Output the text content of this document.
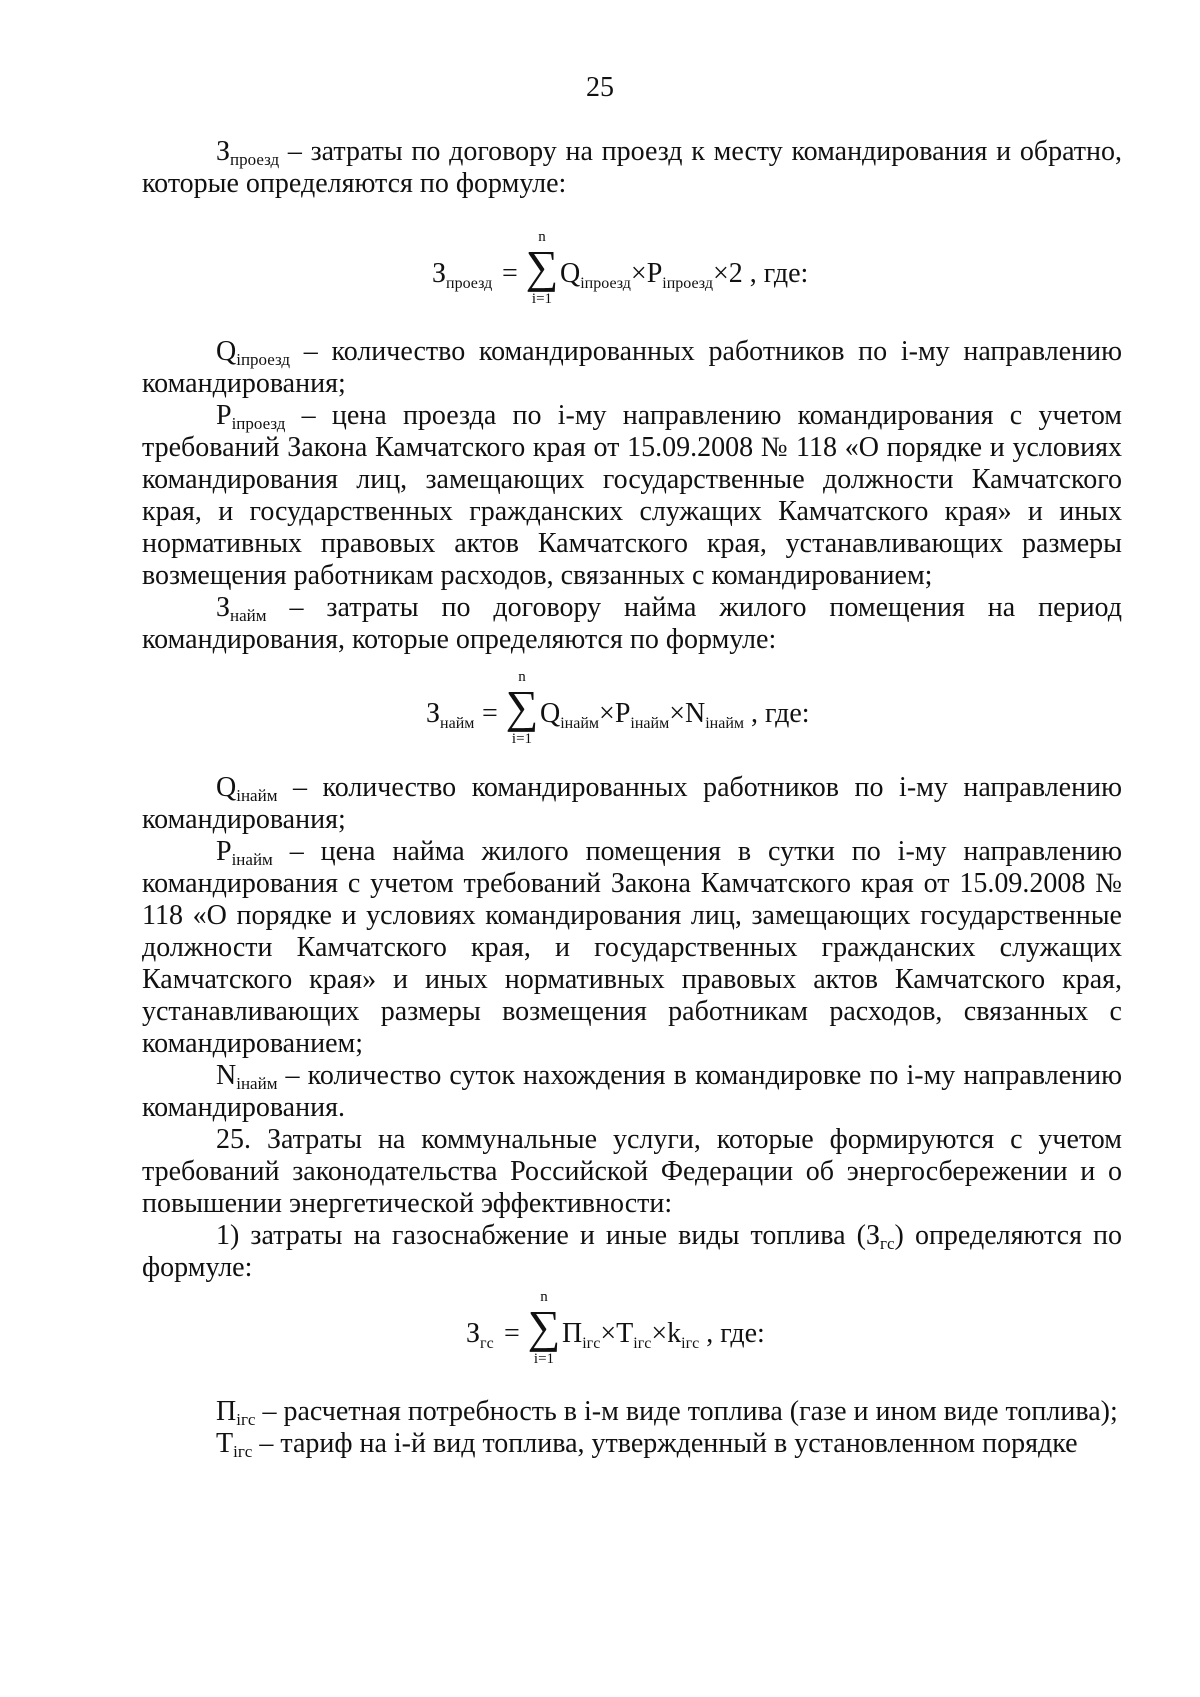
25

$З_{проезд}$ – затраты по договору на проезд к месту командирования и обратно, которые определяются по формуле:

$З_{проезд}$ =
n
∑
i=1
$Q_{iпроезд}\times P_{iпроезд}\times 2$ , где:

$Q_{iпроезд}$ – количество командированных работников по i-му направлению командирования;

$P_{iпроезд}$ – цена проезда по i-му направлению командирования с учетом требований Закона Камчатского края от 15.09.2008 № 118 «О порядке и условиях командирования лиц, замещающих государственные должности Камчатского края, и государственных гражданских служащих Камчатского края» и иных нормативных правовых актов Камчатского края, устанавливающих размеры возмещения работникам расходов, связанных с командированием;

$З_{найм}$ – затраты по договору найма жилого помещения на период командирования, которые определяются по формуле:

$З_{найм}$ =
n
∑
i=1
$Q_{iнайм}\times P_{iнайм}\times N_{iнайм}$ , где:

$Q_{iнайм}$ – количество командированных работников по i-му направлению командирования;

$P_{iнайм}$ – цена найма жилого помещения в сутки по i-му направлению командирования с учетом требований Закона Камчатского края от 15.09.2008 № 118 «О порядке и условиях командирования лиц, замещающих государственные должности Камчатского края, и государственных гражданских служащих Камчатского края» и иных нормативных правовых актов Камчатского края, устанавливающих размеры возмещения работникам расходов, связанных с командированием;

$N_{iнайм}$ – количество суток нахождения в командировке по i-му направлению командирования.

25. Затраты на коммунальные услуги, которые формируются с учетом требований законодательства Российской Федерации об энергосбережении и о повышении энергетической эффективности:

1) затраты на газоснабжение и иные виды топлива $(З_{гс})$ определяются по формуле:

$З_{гс}$ =
n
∑
i=1
$П_{iгс}\times Т_{iгс}\times k_{iгс}$ , где:

$П_{iгс}$ – расчетная потребность в i-м виде топлива (газе и ином виде топлива);

$Т_{iгс}$ – тариф на i-й вид топлива, утвержденный в установленном порядке
